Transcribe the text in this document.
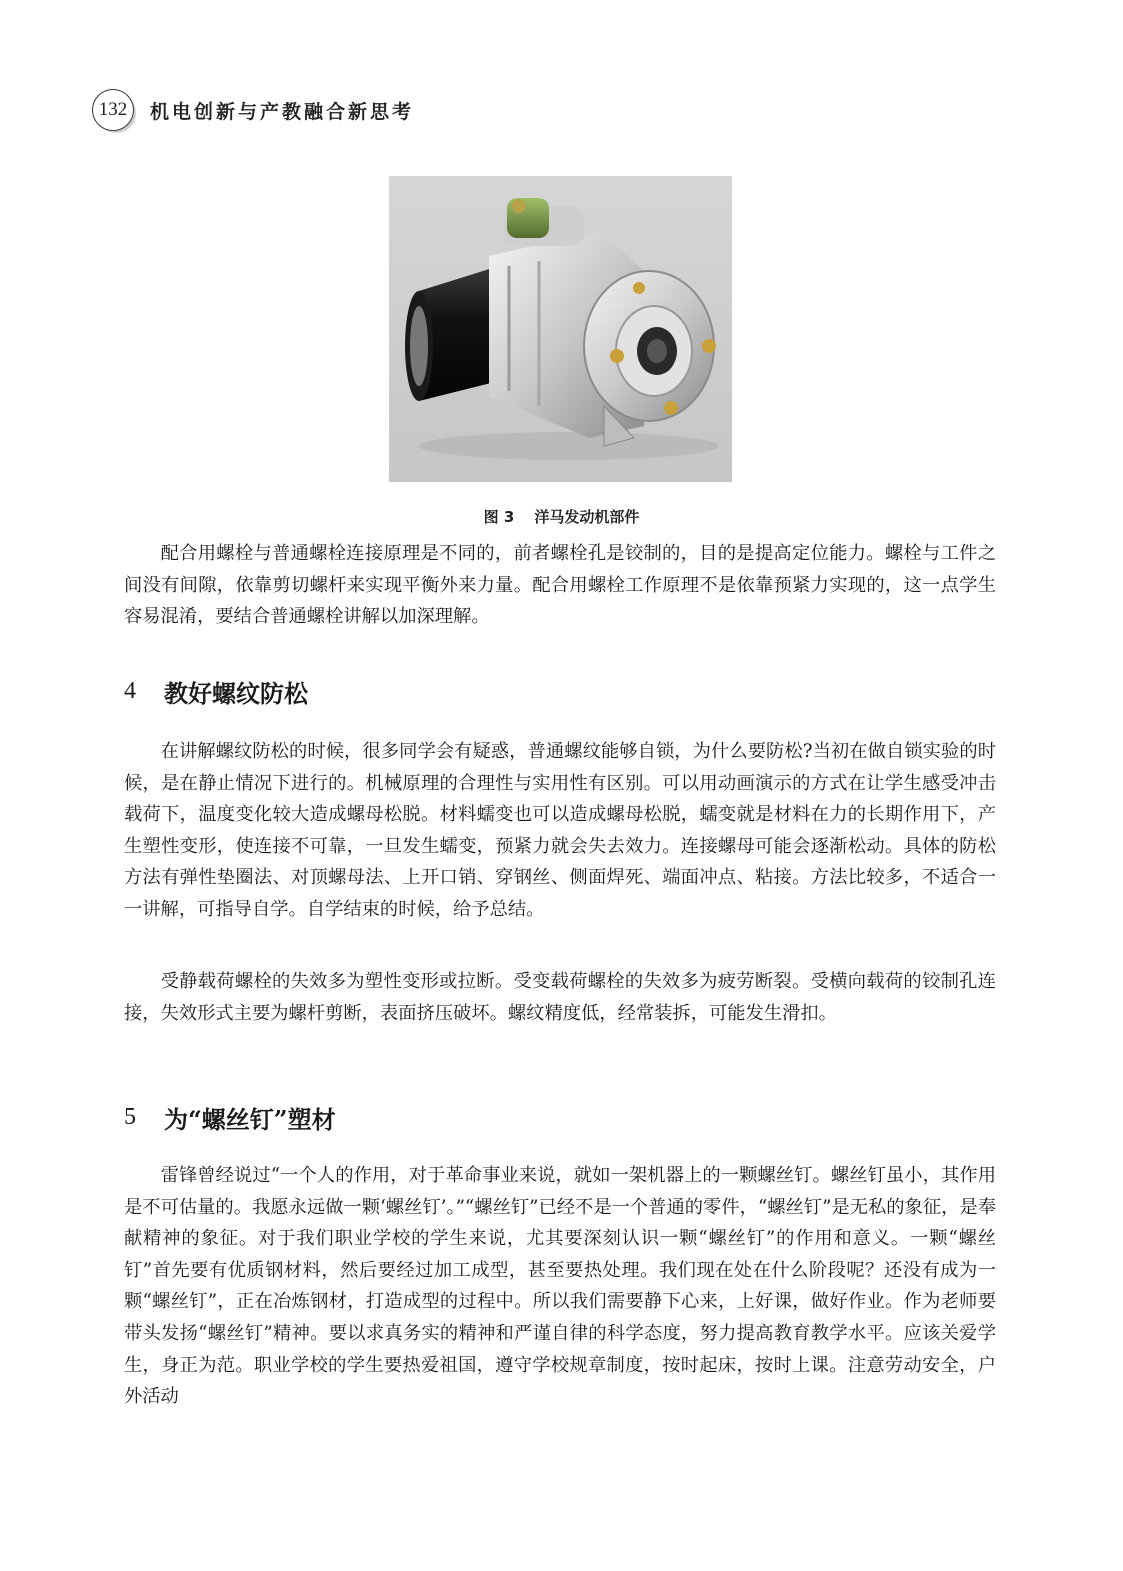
132	机电创新与产教融合新思考
图 3 洋马发动机部件

配合用螺栓与普通螺栓连接原理是不同的，前者螺栓孔是铰制的，目的是提高定位能力。螺栓与工件之间没有间隙，依靠剪切螺杆来实现平衡外来力量。配合用螺栓工作原理不是依靠预紧力实现的，这一点学生容易混淆，要结合普通螺栓讲解以加深理解。

4	教好螺纹防松

在讲解螺纹防松的时候，很多同学会有疑惑，普通螺纹能够自锁，为什么要防松?当初在做自锁实验的时候，是在静止情况下进行的。机械原理的合理性与实用性有区别。可以用动画演示的方式在让学生感受冲击载荷下，温度变化较大造成螺母松脱。材料蠕变也可以造成螺母松脱，蠕变就是材料在力的长期作用下，产生塑性变形，使连接不可靠，一旦发生蠕变，预紧力就会失去效力。连接螺母可能会逐渐松动。具体的防松方法有弹性垫圈法、对顶螺母法、上开口销、穿钢丝、侧面焊死、端面冲点、粘接。方法比较多，不适合一一讲解，可指导自学。自学结束的时候，给予总结。

受静载荷螺栓的失效多为塑性变形或拉断。受变载荷螺栓的失效多为疲劳断裂。受横向载荷的铰制孔连接，失效形式主要为螺杆剪断，表面挤压破坏。螺纹精度低，经常装拆，可能发生滑扣。

5	为“螺丝钉”塑材

雷锋曾经说过“一个人的作用，对于革命事业来说，就如一架机器上的一颗螺丝钉。螺丝钉虽小，其作用是不可估量的。我愿永远做一颗‘螺丝钉’。”“螺丝钉”已经不是一个普通的零件，“螺丝钉”是无私的象征，是奉献精神的象征。对于我们职业学校的学生来说，尤其要深刻认识一颗“螺丝钉”的作用和意义。一颗“螺丝钉”首先要有优质钢材料，然后要经过加工成型，甚至要热处理。我们现在处在什么阶段呢？还没有成为一颗“螺丝钉”，正在冶炼钢材，打造成型的过程中。所以我们需要静下心来，上好课，做好作业。作为老师要带头发扬“螺丝钉”精神。要以求真务实的精神和严谨自律的科学态度，努力提高教育教学水平。应该关爱学生，身正为范。职业学校的学生要热爱祖国，遵守学校规章制度，按时起床，按时上课。注意劳动安全，户外活动
